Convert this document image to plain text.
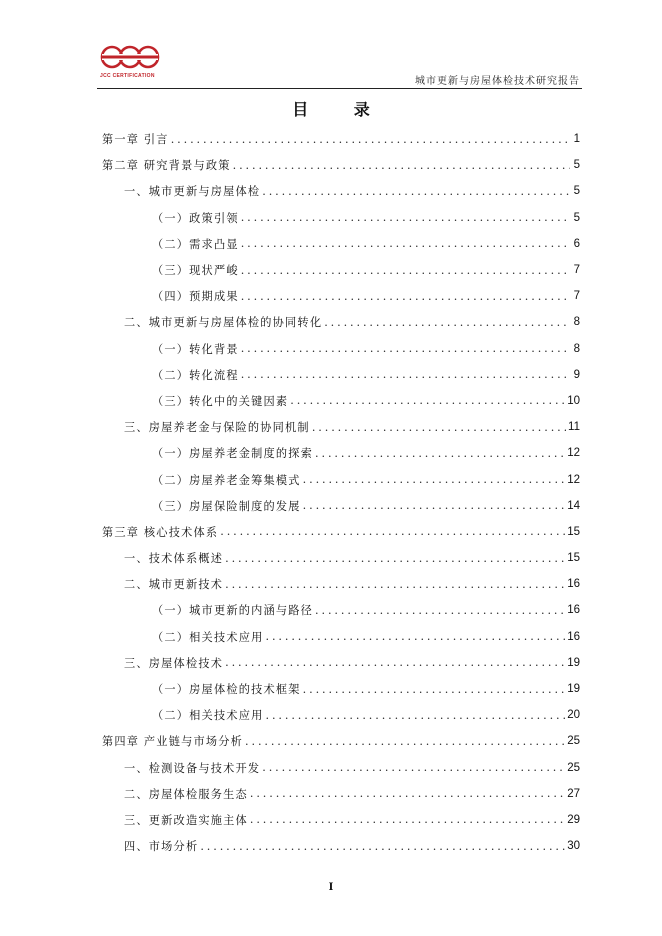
JCC CERTIFICATION	城市更新与房屋体检技术研究报告
目 录
第一章 引言 .....	1
第二章 研究背景与政策 .....	5
一、城市更新与房屋体检 .....	5
（一）政策引领 .....	5
（二）需求凸显 .....	6
（三）现状严峻 .....	7
（四）预期成果 .....	7
二、城市更新与房屋体检的协同转化 .....	8
（一）转化背景 .....	8
（二）转化流程 .....	9
（三）转化中的关键因素 .....	10
三、房屋养老金与保险的协同机制 .....	11
（一）房屋养老金制度的探索 .....	12
（二）房屋养老金筹集模式 .....	12
（三）房屋保险制度的发展 .....	14
第三章 核心技术体系 .....	15
一、技术体系概述 .....	15
二、城市更新技术 .....	16
（一）城市更新的内涵与路径 .....	16
（二）相关技术应用 .....	16
三、房屋体检技术 .....	19
（一）房屋体检的技术框架 .....	19
（二）相关技术应用 .....	20
第四章 产业链与市场分析 .....	25
一、检测设备与技术开发 .....	25
二、房屋体检服务生态 .....	27
三、更新改造实施主体 .....	29
四、市场分析 .....	30
I
